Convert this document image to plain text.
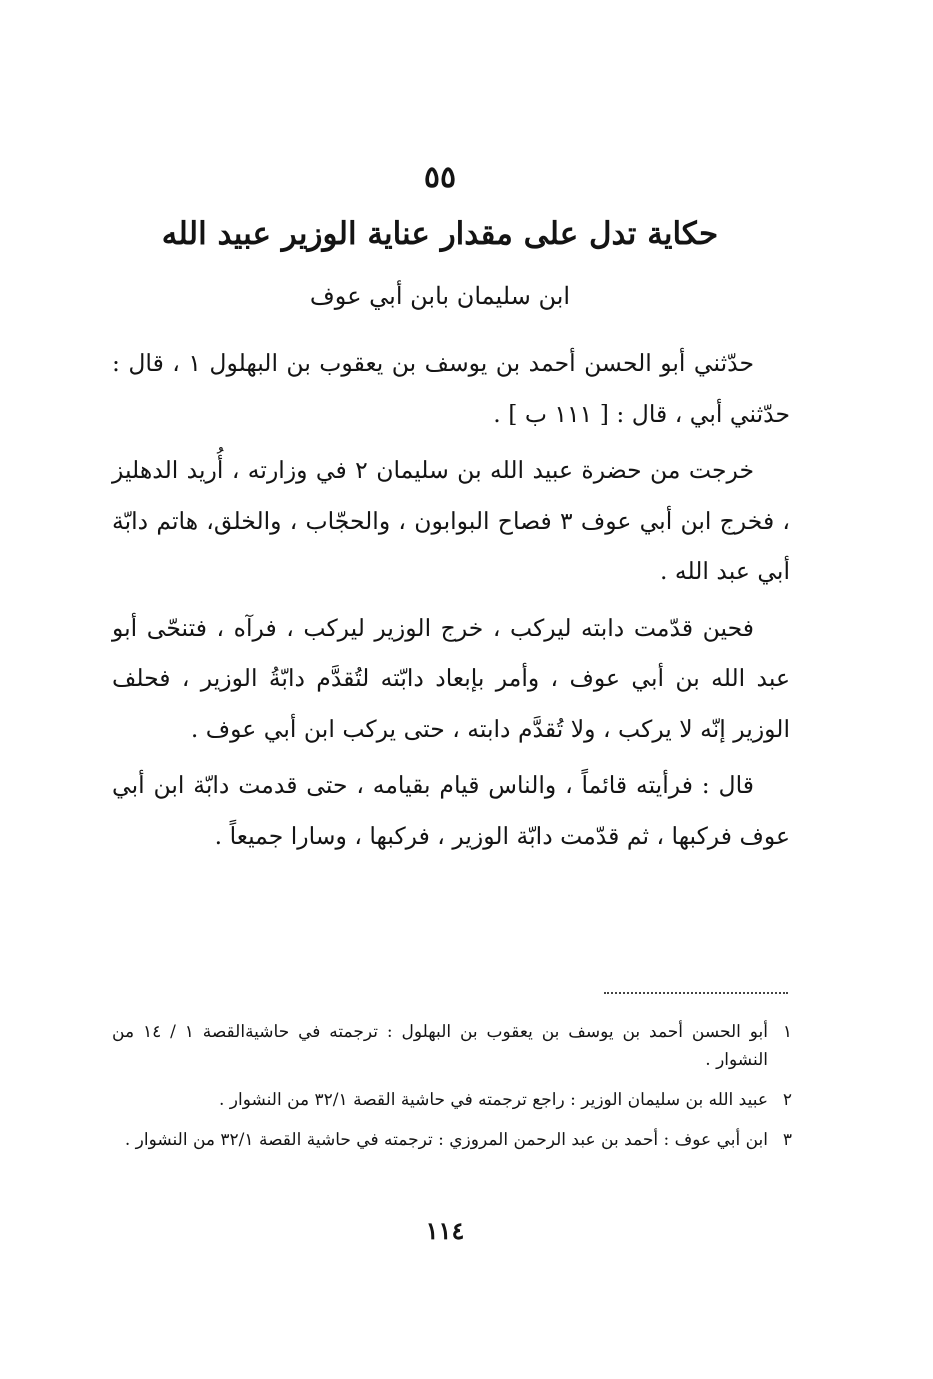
٥٥
حكاية تدل على مقدار عناية الوزير عبيد الله
ابن سليمان بابن أبي عوف

حدّثني أبو الحسن أحمد بن يوسف بن يعقوب بن البهلول ١ ، قال : حدّثني أبي ، قال : [ ١١١ ب ] .

خرجت من حضرة عبيد الله بن سليمان ٢ في وزارته ، أُريد الدهليز ، فخرج ابن أبي عوف ٣ فصاح البوابون ، والحجّاب ، والخلق، هاتم دابّة أبي عبد الله .

فحين قدّمت دابته ليركب ، خرج الوزير ليركب ، فرآه ، فتنحّى أبو عبد الله بن أبي عوف ، وأمر بإبعاد دابّته لتُقدَّم دابّةُ الوزير ، فحلف الوزير إنّه لا يركب ، ولا تُقدَّم دابته ، حتى يركب ابن أبي عوف .

قال : فرأيته قائماً ، والناس قيام بقيامه ، حتى قدمت دابّة ابن أبي عوف فركبها ، ثم قدّمت دابّة الوزير ، فركبها ، وسارا جميعاً .

١
أبو الحسن أحمد بن يوسف بن يعقوب بن البهلول : ترجمته في حاشيةالقصة ١ / ١٤ من النشوار .
٢
عبيد الله بن سليمان الوزير : راجع ترجمته في حاشية القصة ٣٢/١ من النشوار .
٣
ابن أبي عوف : أحمد بن عبد الرحمن المروزي : ترجمته في حاشية القصة ٣٢/١ من النشوار .
١١٤
